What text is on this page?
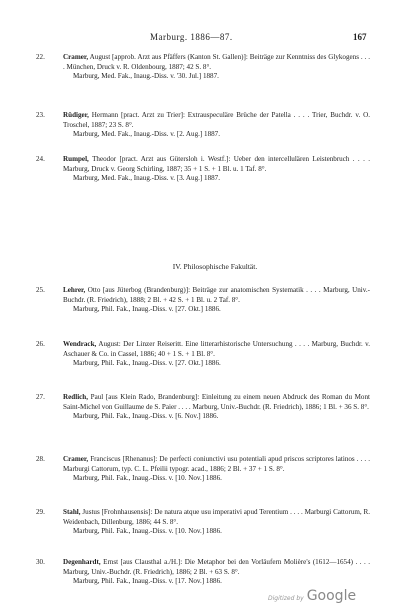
Marburg. 1886—87.	167
22.	Cramer, August [approb. Arzt aus Pfäffers (Kanton St. Gallen)]: Beiträge zur Kenntniss des Glykogens . . . . München, Druck v. R. Oldenbourg, 1887; 42 S. 8°.
Marburg, Med. Fak., Inaug.-Diss. v. '30. Jul.] 1887.
23.	Rüdiger, Hermann [pract. Arzt zu Trier]: Extrauspeculäre Brüche der Patella . . . . Trier, Buchdr. v. O. Troschel, 1887; 23 S. 8°.
Marburg, Med. Fak., Inaug.-Diss. v. [2. Aug.] 1887.
24.	Rumpel, Theodor [pract. Arzt aus Gütersloh i. Westf.]: Ueber den intercellulären Leistenbruch . . . . Marburg, Druck v. Georg Schirling, 1887; 35 + 1 S. + 1 Bl. u. 1 Taf. 8°.
Marburg, Med. Fak., Inaug.-Diss. v. [3. Aug.] 1887.
IV. Philosophische Fakultät.
25.	Lehrer, Otto [aus Jüterbog (Brandenburg)]: Beiträge zur anatomischen Systematik . . . . Marburg, Univ.-Buchdr. (R. Friedrich), 1888; 2 Bl. + 42 S. + 1 Bl. u. 2 Taf. 8°.
Marburg, Phil. Fak., Inaug.-Diss. v. [27. Okt.] 1886.
26.	Wendrack, August: Der Linzer Reiseritt. Eine litterarhistorische Untersuchung . . . . Marburg, Buchdr. v. Aschauer & Co. in Cassel, 1886; 40 + 1 S. + 1 Bl. 8°.
Marburg, Phil. Fak., Inaug.-Diss. v. [27. Okt.] 1886.
27.	Redlich, Paul [aus Klein Rado, Brandenburg]: Einleitung zu einem neuen Abdruck des Roman du Mont Saint-Michel von Guillaume de S. Paier . . . . Marburg, Univ.-Buchdr. (R. Friedrich), 1886; 1 Bl. + 36 S. 8°.
Marburg, Phil. Fak., Inaug.-Diss. v. [6. Nov.] 1886.
28.	Cramer, Franciscus [Rhenanus]: De perfecti coniunctivi usu potentiali apud priscos scriptores latinos . . . . Marburgi Cattorum, typ. C. L. Pfeilii typogr. acad., 1886; 2 Bl. + 37 + 1 S. 8°.
Marburg, Phil. Fak., Inaug.-Diss. v. [10. Nov.] 1886.
29.	Stahl, Justus [Frohnhausensis]: De natura atque usu imperativi apud Terentium . . . . Marburgi Cattorum, R. Weidenbach, Dillenburg, 1886; 44 S. 8°.
Marburg, Phil. Fak., Inaug.-Diss. v. [10. Nov.] 1886.
30.	Degenhardt, Ernst [aus Clausthal a./H.]: Die Metaphor bei den Vorläufern Molière's (1612—1654) . . . . Marburg, Univ.-Buchdr. (R. Friedrich), 1886; 2 Bl. + 63 S. 8°.
Marburg, Phil. Fak., Inaug.-Diss. v. [17. Nov.] 1886.
Digitized by Google
